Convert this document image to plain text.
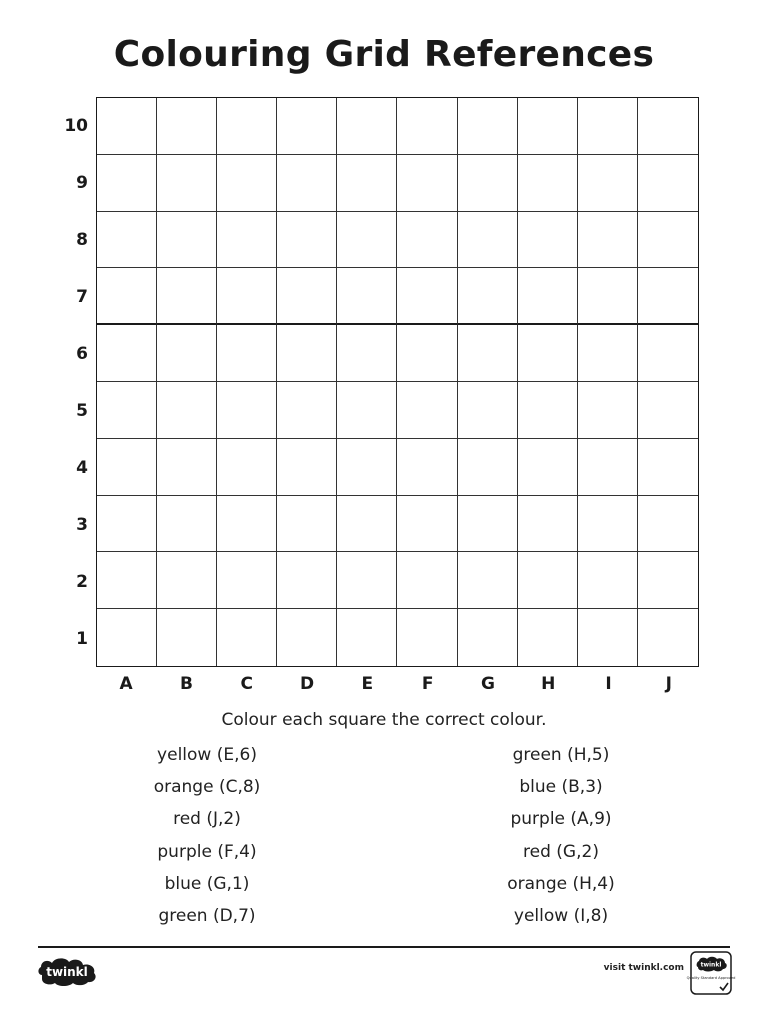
Colouring Grid References
10
9
8
7
6
5
4
3
2
1
A	B	C	D	E	F	G	H	I	J
Colour each square the correct colour.
yellow (E,6)
orange (C,8)
red (J,2)
purple (F,4)
blue (G,1)
green (D,7)
green (H,5)
blue (B,3)
purple (A,9)
red (G,2)
orange (H,4)
yellow (I,8)
twinkl	visit twinkl.com	twinkl
Quality Standard Approved
